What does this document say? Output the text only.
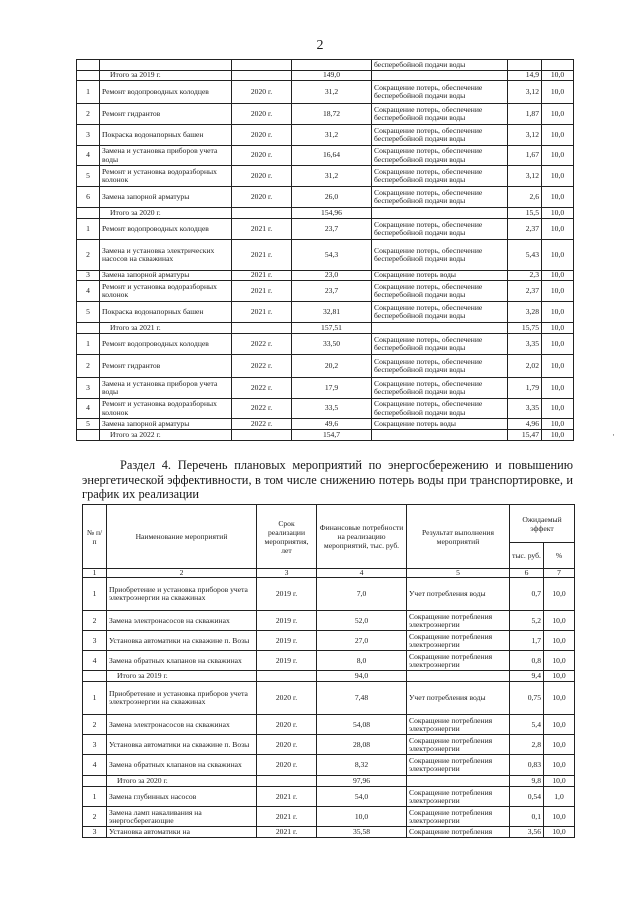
2
				бесперебойной подачи воды		
	Итого за 2019 г.		149,0		14,9	10,0
1	Ремонт водопроводных колодцев	2020 г.	31,2	Сокращение потерь, обеспечение бесперебойной подачи воды	3,12	10,0
2	Ремонт гидрантов	2020 г.	18,72	Сокращение потерь, обеспечение бесперебойной подачи воды	1,87	10,0
3	Покраска водонапорных башен	2020 г.	31,2	Сокращение потерь, обеспечение бесперебойной подачи воды	3,12	10,0
4	Замена и установка приборов учета воды	2020 г.	16,64	Сокращение потерь, обеспечение бесперебойной подачи воды	1,67	10,0
5	Ремонт и установка водоразборных колонок	2020 г.	31,2	Сокращение потерь, обеспечение бесперебойной подачи воды	3,12	10,0
6	Замена запорной арматуры	2020 г.	26,0	Сокращение потерь, обеспечение бесперебойной подачи воды	2,6	10,0
	Итого за 2020 г.		154,96		15,5	10,0
1	Ремонт водопроводных колодцев	2021 г.	23,7	Сокращение потерь, обеспечение бесперебойной подачи воды	2,37	10,0
2	Замена и установка электрических насосов на скважинах	2021 г.	54,3	Сокращение потерь, обеспечение бесперебойной подачи воды	5,43	10,0
3	Замена запорной арматуры	2021 г.	23,0	Сокращение потерь воды	2,3	10,0
4	Ремонт и установка водоразборных колонок	2021 г.	23,7	Сокращение потерь, обеспечение бесперебойной подачи воды	2,37	10,0
5	Покраска водонапорных башен	2021 г.	32,81	Сокращение потерь, обеспечение бесперебойной подачи воды	3,28	10,0
	Итого за 2021 г.		157,51		15,75	10,0
1	Ремонт водопроводных колодцев	2022 г.	33,50	Сокращение потерь, обеспечение бесперебойной подачи воды	3,35	10,0
2	Ремонт гидрантов	2022 г.	20,2	Сокращение потерь, обеспечение бесперебойной подачи воды	2,02	10,0
3	Замена и установка приборов учета воды	2022 г.	17,9	Сокращение потерь, обеспечение бесперебойной подачи воды	1,79	10,0
4	Ремонт и установка водоразборных колонок	2022 г.	33,5	Сокращение потерь, обеспечение бесперебойной подачи воды	3,35	10,0
5	Замена запорной арматуры	2022 г.	49,6	Сокращение потерь воды	4,96	10,0
	Итого за 2022 г.		154,7		15,47	10,0
Раздел 4. Перечень плановых мероприятий по энергосбережению и повышению энергетической эффективности, в том числе снижению потерь воды при транспортировке, и график их реализации
№ п/п	Наименование мероприятий	Срок реализации мероприятия, лет	Финансовые потребности на реализацию мероприятий, тыс. руб.	Результат выполнения мероприятий	Ожидаемый эффект	
					тыс. руб.	%
1	2	3	4	5	6	7
1	Приобретение и установка приборов учета электроэнергии на скважинах	2019 г.	7,0	Учет потребления воды	0,7	10,0
2	Замена электронасосов на скважинах	2019 г.	52,0	Сокращение потребления электроэнергии	5,2	10,0
3	Установка автоматики на скважине п. Возы	2019 г.	27,0	Сокращение потребления электроэнергии	1,7	10,0
4	Замена обратных клапанов на скважинах	2019 г.	8,0	Сокращение потребления электроэнергии	0,8	10,0
	Итого за 2019 г.		94,0		9,4	10,0
1	Приобретение и установка приборов учета электроэнергии на скважинах	2020 г.	7,48	Учет потребления воды	0,75	10,0
2	Замена электронасосов на скважинах	2020 г.	54,08	Сокращение потребления электроэнергии	5,4	10,0
3	Установка автоматики на скважине п. Возы	2020 г.	28,08	Сокращение потребления электроэнергии	2,8	10,0
4	Замена обратных клапанов на скважинах	2020 г.	8,32	Сокращение потребления электроэнергии	0,83	10,0
	Итого за 2020 г.		97,96		9,8	10,0
1	Замена глубинных насосов	2021 г.	54,0	Сокращение потребления электроэнергии	0,54	1,0
2	Замена ламп накаливания на энергосберегающие	2021 г.	10,0	Сокращение потребления электроэнергии	0,1	10,0
3	Установка автоматики на	2021 г.	35,58	Сокращение потребления	3,56	10,0
·
